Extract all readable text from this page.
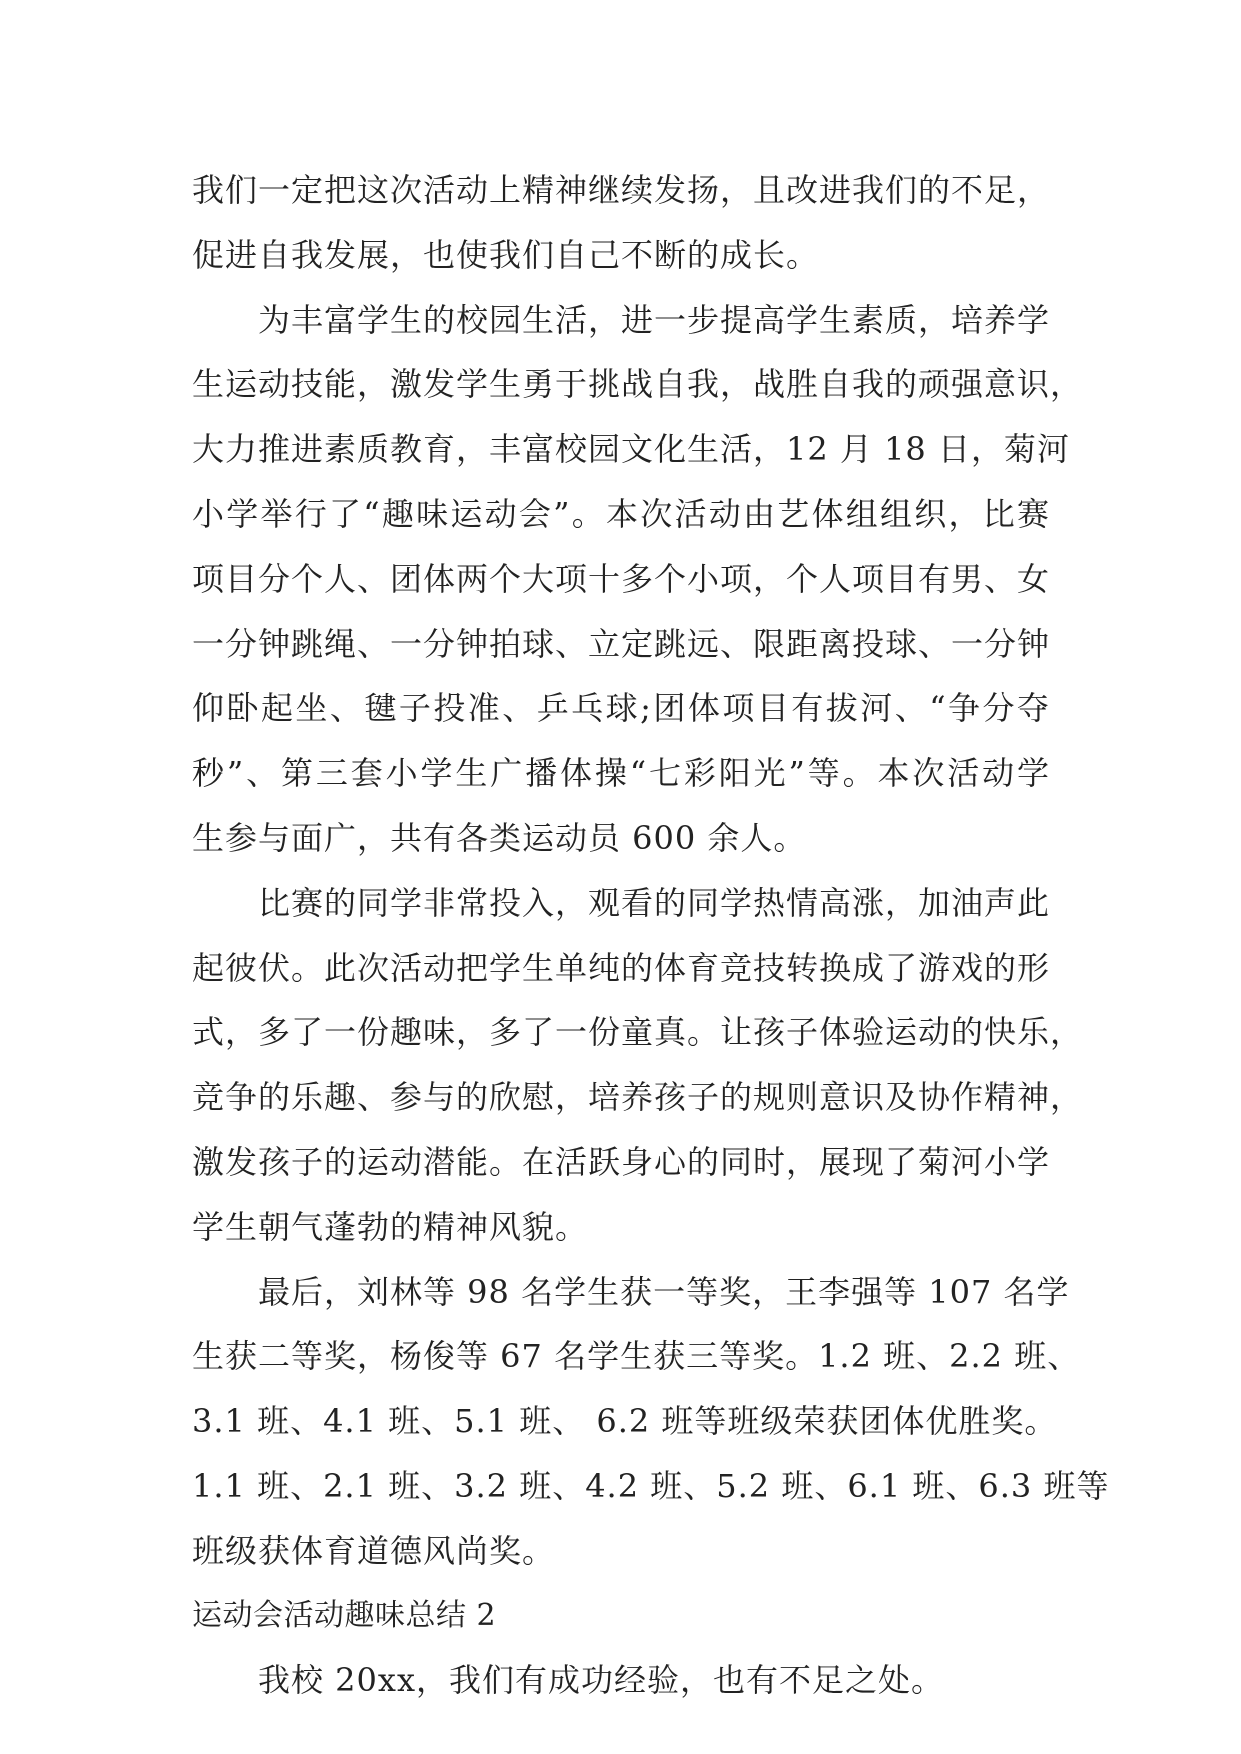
我们一定把这次活动上精神继续发扬，且改进我们的不足，
促进自我发展，也使我们自己不断的成长。
为丰富学生的校园生活，进一步提高学生素质，培养学
生运动技能，激发学生勇于挑战自我，战胜自我的顽强意识，
大力推进素质教育，丰富校园文化生活，12 月 18 日，菊河
小学举行了“趣味运动会”。本次活动由艺体组组织，比赛
项目分个人、团体两个大项十多个小项，个人项目有男、女
一分钟跳绳、一分钟拍球、立定跳远、限距离投球、一分钟
仰卧起坐、毽子投准、乒乓球;团体项目有拔河、“争分夺
秒”、第三套小学生广播体操“七彩阳光”等。本次活动学
生参与面广，共有各类运动员 600 余人。
比赛的同学非常投入，观看的同学热情高涨，加油声此
起彼伏。此次活动把学生单纯的体育竞技转换成了游戏的形
式，多了一份趣味，多了一份童真。让孩子体验运动的快乐，
竞争的乐趣、参与的欣慰，培养孩子的规则意识及协作精神，
激发孩子的运动潜能。在活跃身心的同时，展现了菊河小学
学生朝气蓬勃的精神风貌。
最后，刘林等 98 名学生获一等奖，王李强等 107 名学
生获二等奖，杨俊等 67 名学生获三等奖。1.2 班、2.2 班、
3.1 班、4.1 班、5.1 班、 6.2 班等班级荣获团体优胜奖。
1.1 班、2.1 班、3.2 班、4.2 班、5.2 班、6.1 班、6.3 班等
班级获体育道德风尚奖。
运动会活动趣味总结 2
我校 20xx，我们有成功经验，也有不足之处。
